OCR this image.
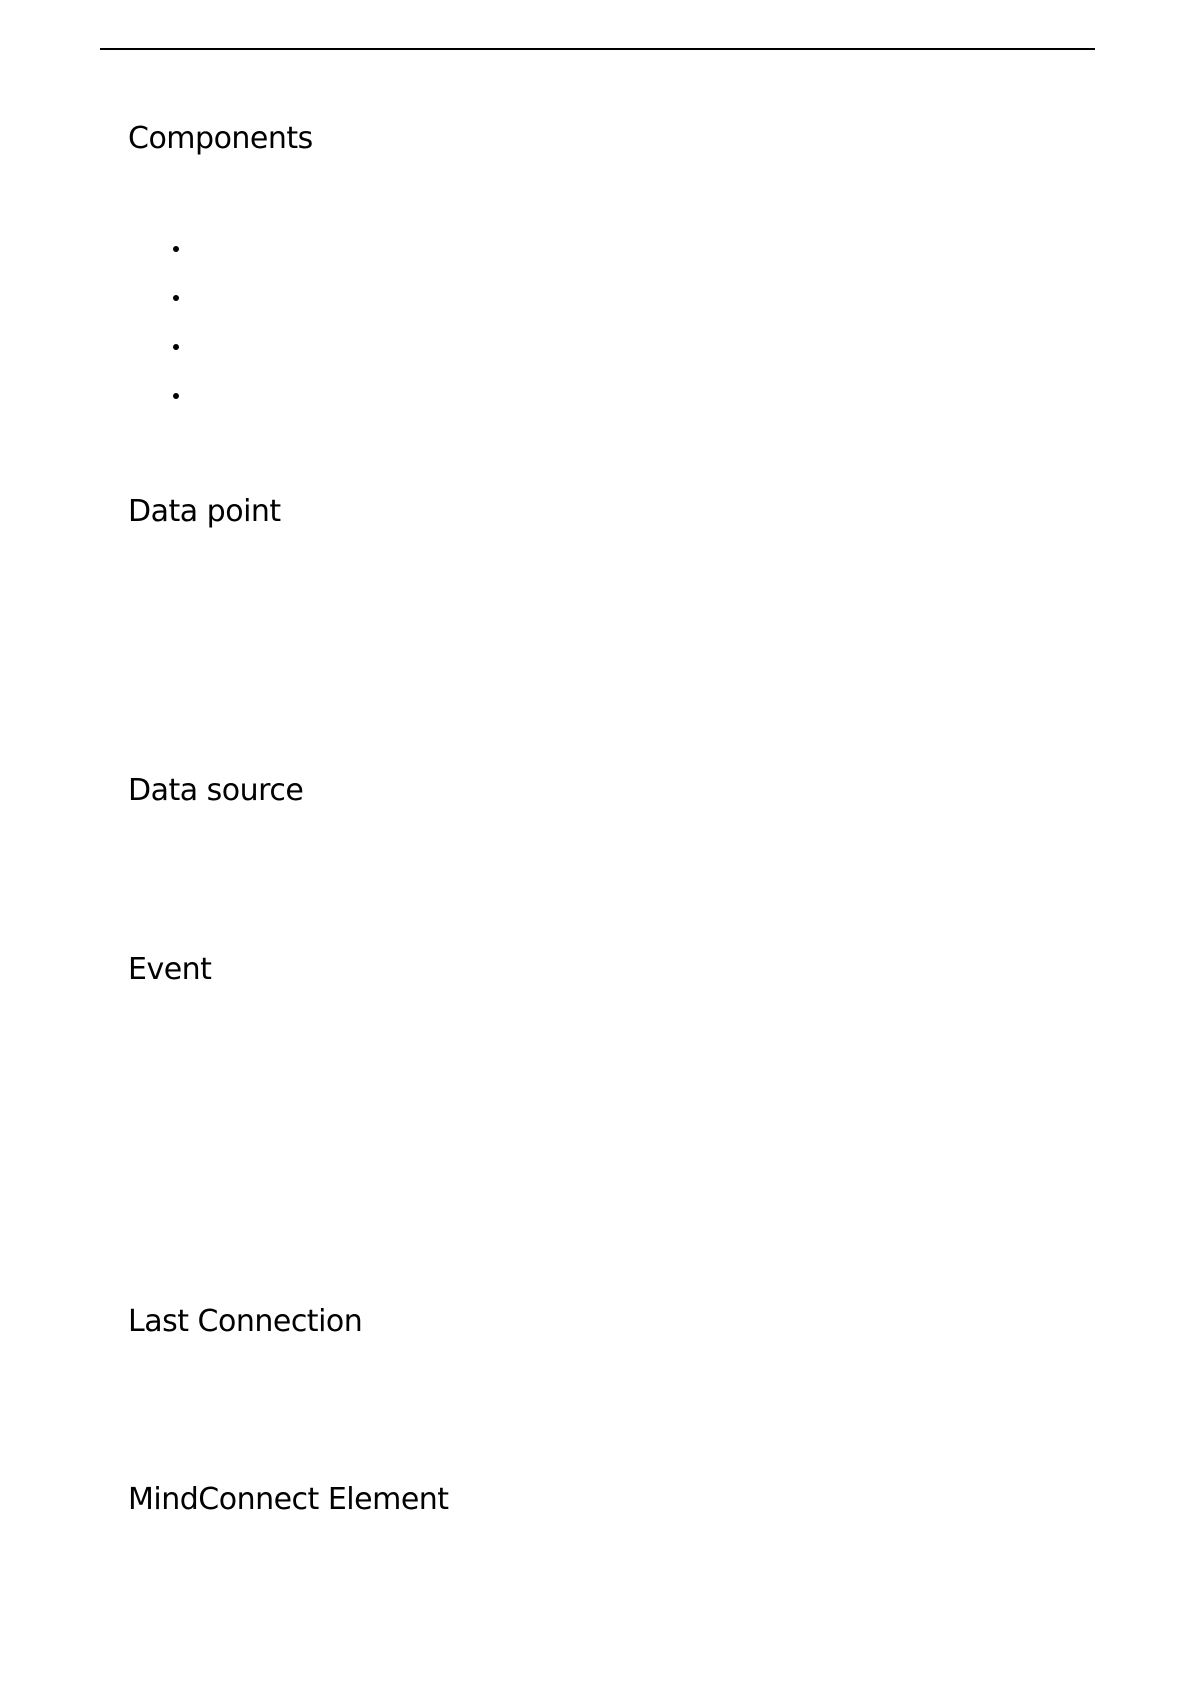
Components
Data point
Data source
Event
Last Connection
MindConnect Element
